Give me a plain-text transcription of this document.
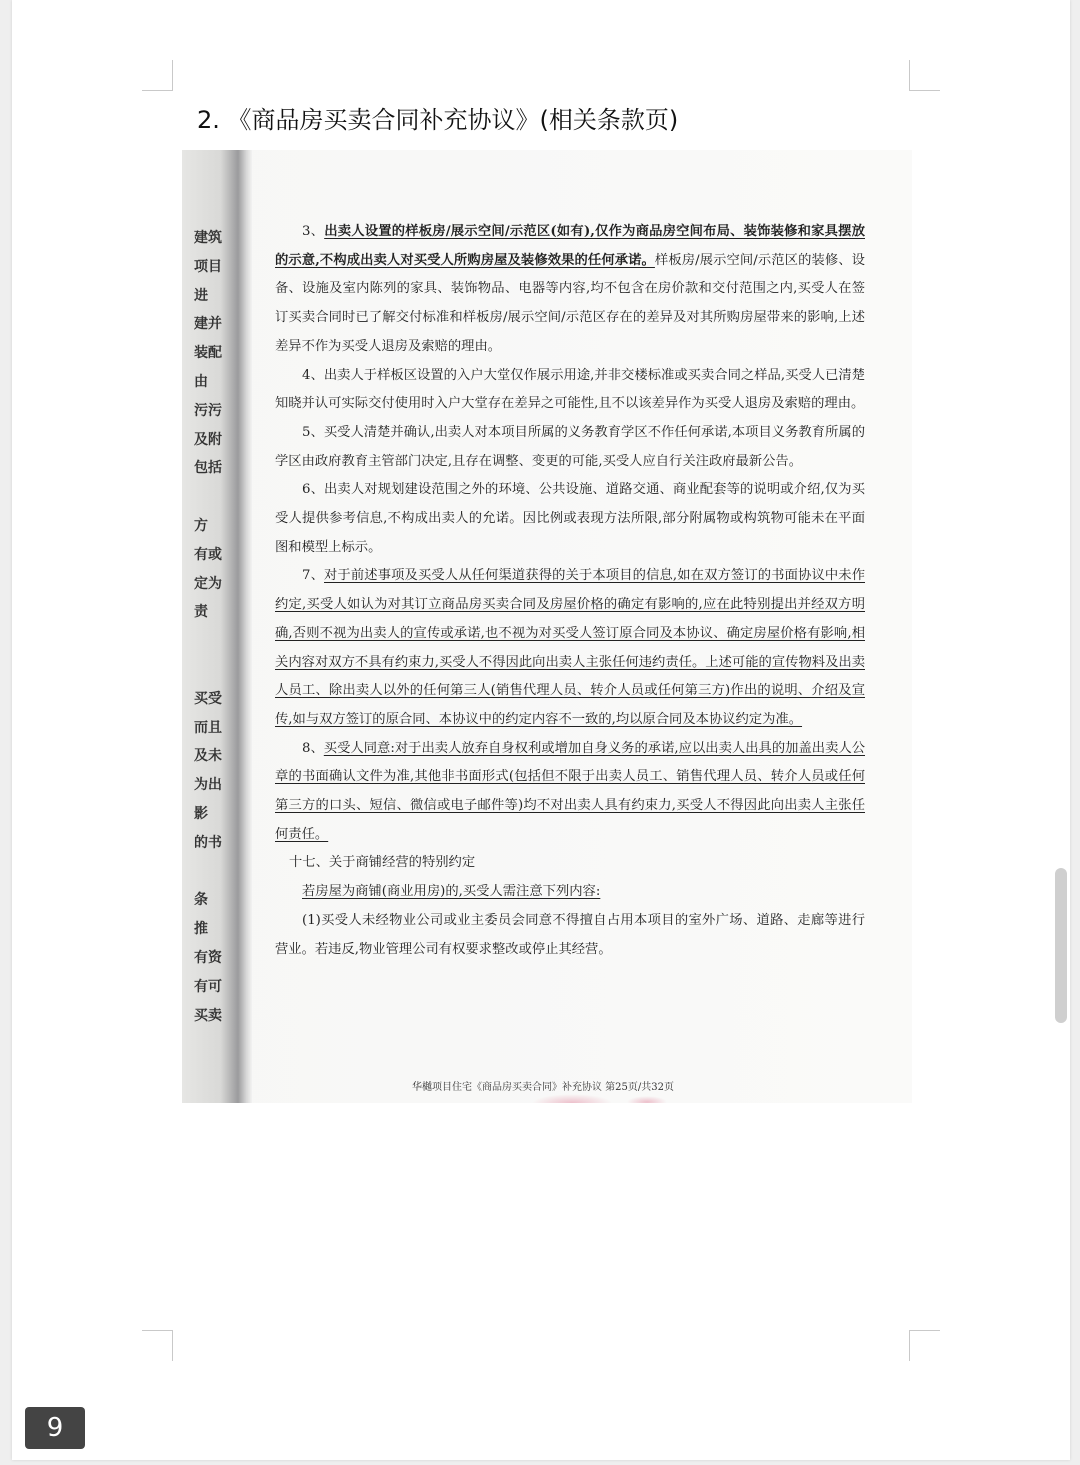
2. 《商品房买卖合同补充协议》(相关条款页)
建筑
项目
进
建并
装配
由
污污
及附
包括
方
有或
定为
责
买受
而且
及未
为出
影
的书
条
推
有资
有可
买卖

3、出卖人设置的样板房/展示空间/示范区(如有),仅作为商品房空间布局、装饰装修和家具摆放的示意,不构成出卖人对买受人所购房屋及装修效果的任何承诺。样板房/展示空间/示范区的装修、设备、设施及室内陈列的家具、装饰物品、电器等内容,均不包含在房价款和交付范围之内,买受人在签订买卖合同时已了解交付标准和样板房/展示空间/示范区存在的差异及对其所购房屋带来的影响,上述差异不作为买受人退房及索赔的理由。

4、出卖人于样板区设置的入户大堂仅作展示用途,并非交楼标准或买卖合同之样品,买受人已清楚知晓并认可实际交付使用时入户大堂存在差异之可能性,且不以该差异作为买受人退房及索赔的理由。

5、买受人清楚并确认,出卖人对本项目所属的义务教育学区不作任何承诺,本项目义务教育所属的学区由政府教育主管部门决定,且存在调整、变更的可能,买受人应自行关注政府最新公告。

6、出卖人对规划建设范围之外的环境、公共设施、道路交通、商业配套等的说明或介绍,仅为买受人提供参考信息,不构成出卖人的允诺。因比例或表现方法所限,部分附属物或构筑物可能未在平面图和模型上标示。

7、对于前述事项及买受人从任何渠道获得的关于本项目的信息,如在双方签订的书面协议中未作约定,买受人如认为对其订立商品房买卖合同及房屋价格的确定有影响的,应在此特别提出并经双方明确,否则不视为出卖人的宣传或承诺,也不视为对买受人签订原合同及本协议、确定房屋价格有影响,相关内容对双方不具有约束力,买受人不得因此向出卖人主张任何违约责任。上述可能的宣传物料及出卖人员工、除出卖人以外的任何第三人(销售代理人员、转介人员或任何第三方)作出的说明、介绍及宣传,如与双方签订的原合同、本协议中的约定内容不一致的,均以原合同及本协议约定为准。

8、买受人同意:对于出卖人放弃自身权利或增加自身义务的承诺,应以出卖人出具的加盖出卖人公章的书面确认文件为准,其他非书面形式(包括但不限于出卖人员工、销售代理人员、转介人员或任何第三方的口头、短信、微信或电子邮件等)均不对出卖人具有约束力,买受人不得因此向出卖人主张任何责任。

十七、关于商铺经营的特别约定

若房屋为商铺(商业用房)的,买受人需注意下列内容:

(1)买受人未经物业公司或业主委员会同意不得擅自占用本项目的室外广场、道路、走廊等进行营业。若违反,物业管理公司有权要求整改或停止其经营。

华樾项目住宅《商品房买卖合同》补充协议 第25页/共32页
9
